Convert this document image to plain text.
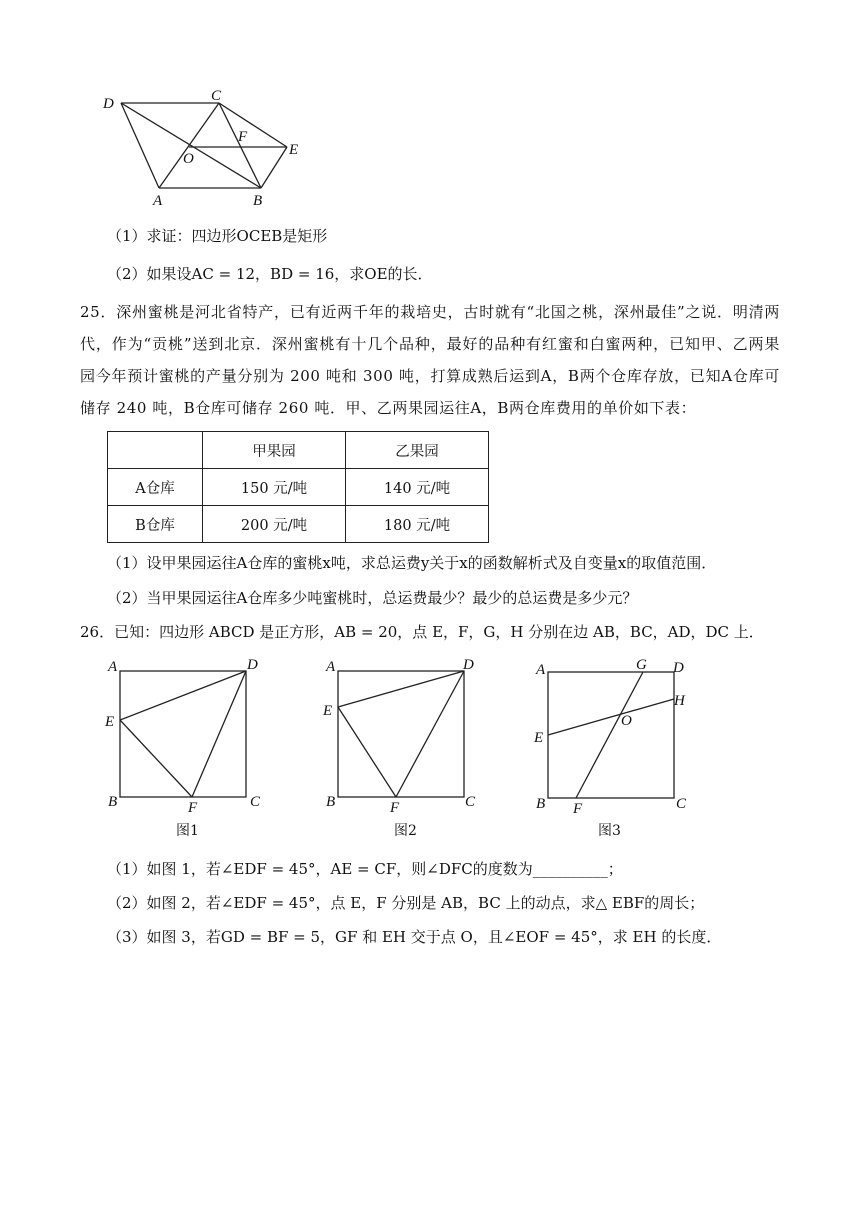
D	C
F
E
O
A	B
（1）求证：四边形OCEB是矩形
（2）如果设AC = 12，BD = 16，求OE的长．
25．深州蜜桃是河北省特产，已有近两千年的栽培史，古时就有“北国之桃，深州最佳”之说．明清两代，作为“贡桃”送到北京．深州蜜桃有十几个品种，最好的品种有红蜜和白蜜两种，已知甲、乙两果园今年预计蜜桃的产量分别为 200 吨和 300 吨，打算成熟后运到A，B两个仓库存放，已知A仓库可储存 240 吨，B仓库可储存 260 吨．甲、乙两果园运往A，B两仓库费用的单价如下表：
	甲果园	乙果园
A仓库	150 元/吨	140 元/吨
B仓库	200 元/吨	180 元/吨
（1）设甲果园运往A仓库的蜜桃x吨，求总运费y关于x的函数解析式及自变量x的取值范围．
（2）当甲果园运往A仓库多少吨蜜桃时，总运费最少？最少的总运费是多少元？
26．已知：四边形 ABCD 是正方形，AB = 20，点 E，F，G，H 分别在边 AB，BC，AD，DC 上．
A	D
E
B	F	C
图1
A	D
E
B	F	C
图2
A	G D
H
E
O
B F	C
图3
（1）如图 1，若∠EDF = 45°，AE = CF，则∠DFC的度数为__________；
（2）如图 2，若∠EDF = 45°，点 E，F 分别是 AB，BC 上的动点，求△ EBF的周长；
（3）如图 3，若GD = BF = 5，GF 和 EH 交于点 O，且∠EOF = 45°，求 EH 的长度．
